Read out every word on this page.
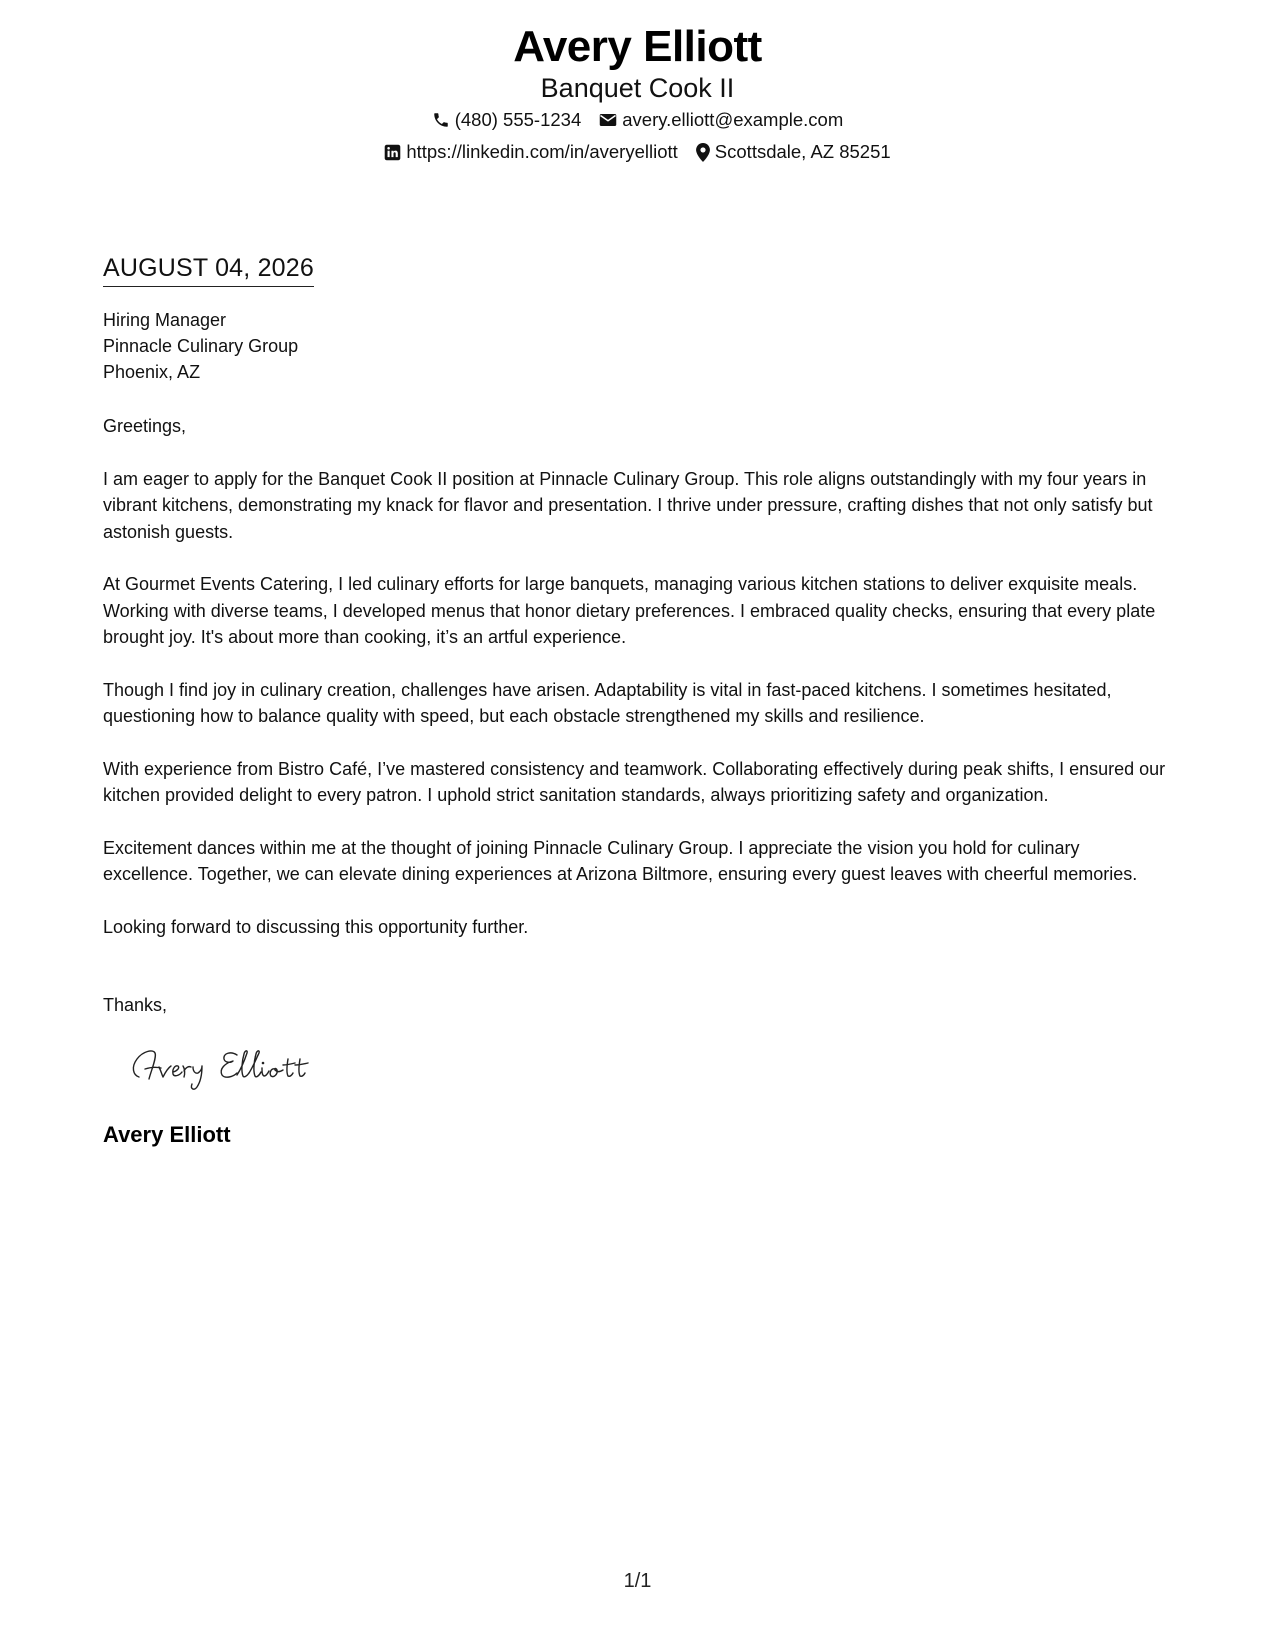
Avery Elliott
Banquet Cook II
(480) 555-1234 avery.elliott@example.com
https://linkedin.com/in/averyelliott Scottsdale, AZ 85251
AUGUST 04, 2026
Hiring Manager
Pinnacle Culinary Group
Phoenix, AZ
Greetings,
I am eager to apply for the Banquet Cook II position at Pinnacle Culinary Group. This role aligns outstandingly with my four years in vibrant kitchens, demonstrating my knack for flavor and presentation. I thrive under pressure, crafting dishes that not only satisfy but astonish guests.
At Gourmet Events Catering, I led culinary efforts for large banquets, managing various kitchen stations to deliver exquisite meals. Working with diverse teams, I developed menus that honor dietary preferences. I embraced quality checks, ensuring that every plate brought joy. It's about more than cooking, it’s an artful experience.
Though I find joy in culinary creation, challenges have arisen. Adaptability is vital in fast-paced kitchens. I sometimes hesitated, questioning how to balance quality with speed, but each obstacle strengthened my skills and resilience.
With experience from Bistro Café, I’ve mastered consistency and teamwork. Collaborating effectively during peak shifts, I ensured our kitchen provided delight to every patron. I uphold strict sanitation standards, always prioritizing safety and organization.
Excitement dances within me at the thought of joining Pinnacle Culinary Group. I appreciate the vision you hold for culinary excellence. Together, we can elevate dining experiences at Arizona Biltmore, ensuring every guest leaves with cheerful memories.
Looking forward to discussing this opportunity further.
Thanks,
Avery Elliott
1/1
